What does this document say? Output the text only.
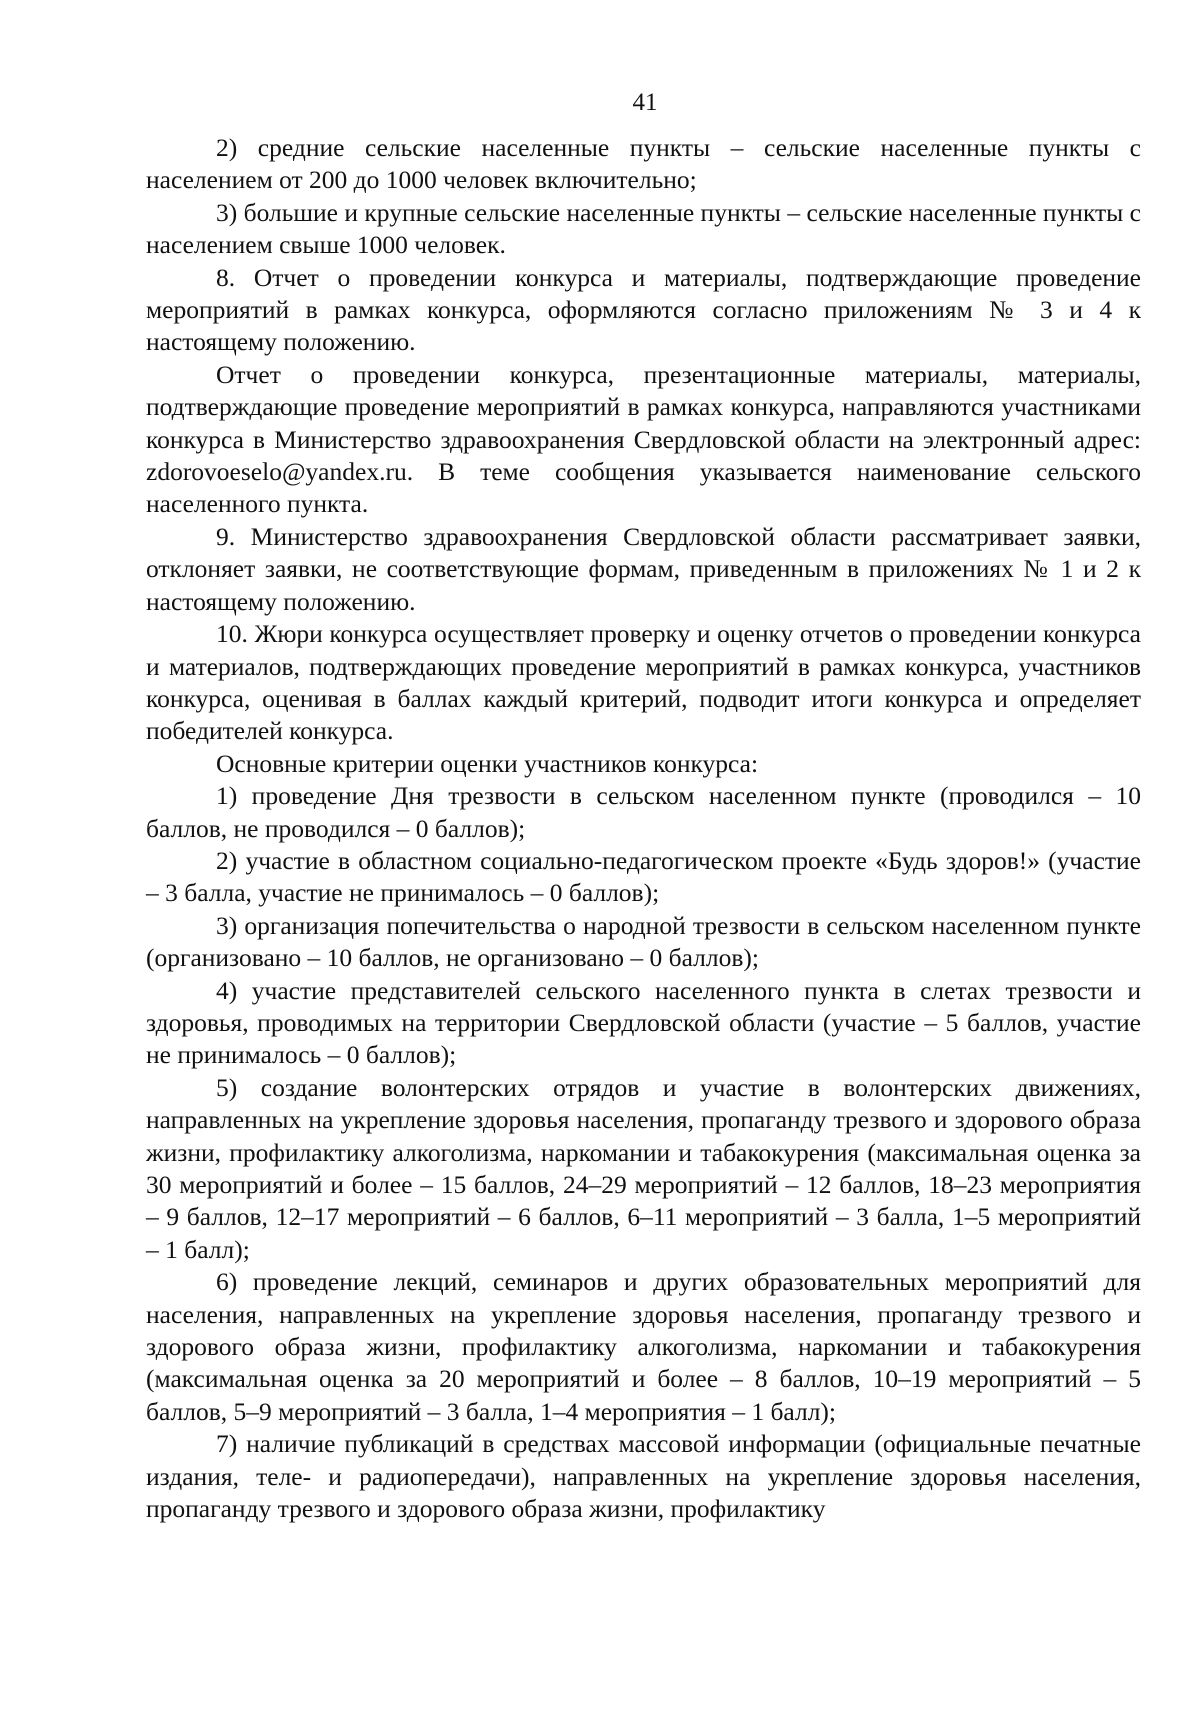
41

2) средние сельские населенные пункты – сельские населенные пункты с населением от 200 до 1000 человек включительно;

3) большие и крупные сельские населенные пункты – сельские населенные пункты с населением свыше 1000 человек.

8. Отчет о проведении конкурса и материалы, подтверждающие проведение мероприятий в рамках конкурса, оформляются согласно приложениям № 3 и 4 к настоящему положению.

Отчет о проведении конкурса, презентационные материалы, материалы, подтверждающие проведение мероприятий в рамках конкурса, направляются участниками конкурса в Министерство здравоохранения Свердловской области на электронный адрес: zdorovoeselo@yandex.ru. В теме сообщения указывается наименование сельского населенного пункта.

9. Министерство здравоохранения Свердловской области рассматривает заявки, отклоняет заявки, не соответствующие формам, приведенным в приложениях № 1 и 2 к настоящему положению.

10. Жюри конкурса осуществляет проверку и оценку отчетов о проведении конкурса и материалов, подтверждающих проведение мероприятий в рамках конкурса, участников конкурса, оценивая в баллах каждый критерий, подводит итоги конкурса и определяет победителей конкурса.

Основные критерии оценки участников конкурса:

1) проведение Дня трезвости в сельском населенном пункте (проводился – 10 баллов, не проводился – 0 баллов);

2) участие в областном социально-педагогическом проекте «Будь здоров!» (участие – 3 балла, участие не принималось – 0 баллов);

3) организация попечительства о народной трезвости в сельском населенном пункте (организовано – 10 баллов, не организовано – 0 баллов);

4) участие представителей сельского населенного пункта в слетах трезвости и здоровья, проводимых на территории Свердловской области (участие – 5 баллов, участие не принималось – 0 баллов);

5) создание волонтерских отрядов и участие в волонтерских движениях, направленных на укрепление здоровья населения, пропаганду трезвого и здорового образа жизни, профилактику алкоголизма, наркомании и табакокурения (максимальная оценка за 30 мероприятий и более – 15 баллов, 24–29 мероприятий – 12 баллов, 18–23 мероприятия – 9 баллов, 12–17 мероприятий – 6 баллов, 6–11 мероприятий – 3 балла, 1–5 мероприятий – 1 балл);

6) проведение лекций, семинаров и других образовательных мероприятий для населения, направленных на укрепление здоровья населения, пропаганду трезвого и здорового образа жизни, профилактику алкоголизма, наркомании и табакокурения (максимальная оценка за 20 мероприятий и более – 8 баллов, 10–19 мероприятий – 5 баллов, 5–9 мероприятий – 3 балла, 1–4 мероприятия – 1 балл);

7) наличие публикаций в средствах массовой информации (официальные печатные издания, теле- и радиопередачи), направленных на укрепление здоровья населения, пропаганду трезвого и здорового образа жизни, профилактику
